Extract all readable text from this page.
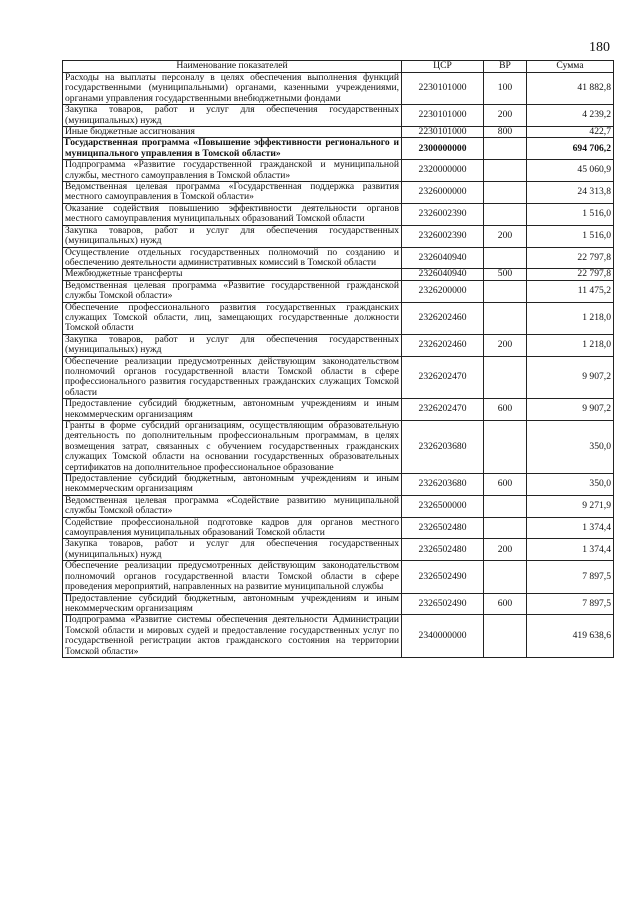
180
Наименование показателей	ЦСР	ВР	Сумма
Расходы на выплаты персоналу в целях обеспечения выполнения функций государственными (муниципальными) органами, казенными учреждениями, органами управления государственными внебюджетными фондами	2230101000	100	41 882,8
Закупка товаров, работ и услуг для обеспечения государственных (муниципальных) нужд	2230101000	200	4 239,2
Иные бюджетные ассигнования	2230101000	800	422,7
Государственная программа «Повышение эффективности регионального и муниципального управления в Томской области»	2300000000		694 706,2
Подпрограмма «Развитие государственной гражданской и муниципальной службы, местного самоуправления в Томской области»	2320000000		45 060,9
Ведомственная целевая программа «Государственная поддержка развития местного самоуправления в Томской области»	2326000000		24 313,8
Оказание содействия повышению эффективности деятельности органов местного самоуправления муниципальных образований Томской области	2326002390		1 516,0
Закупка товаров, работ и услуг для обеспечения государственных (муниципальных) нужд	2326002390	200	1 516,0
Осуществление отдельных государственных полномочий по созданию и обеспечению деятельности административных комиссий в Томской области	2326040940		22 797,8
Межбюджетные трансферты	2326040940	500	22 797,8
Ведомственная целевая программа «Развитие государственной гражданской службы Томской области»	2326200000		11 475,2
Обеспечение профессионального развития государственных гражданских служащих Томской области, лиц, замещающих государственные должности Томской области	2326202460		1 218,0
Закупка товаров, работ и услуг для обеспечения государственных (муниципальных) нужд	2326202460	200	1 218,0
Обеспечение реализации предусмотренных действующим законодательством полномочий органов государственной власти Томской области в сфере профессионального развития государственных гражданских служащих Томской области	2326202470		9 907,2
Предоставление субсидий бюджетным, автономным учреждениям и иным некоммерческим организациям	2326202470	600	9 907,2
Гранты в форме субсидий организациям, осуществляющим образовательную деятельность по дополнительным профессиональным программам, в целях возмещения затрат, связанных с обучением государственных гражданских служащих Томской области на основании государственных образовательных сертификатов на дополнительное профессиональное образование	2326203680		350,0
Предоставление субсидий бюджетным, автономным учреждениям и иным некоммерческим организациям	2326203680	600	350,0
Ведомственная целевая программа «Содействие развитию муниципальной службы Томской области»	2326500000		9 271,9
Содействие профессиональной подготовке кадров для органов местного самоуправления муниципальных образований Томской области	2326502480		1 374,4
Закупка товаров, работ и услуг для обеспечения государственных (муниципальных) нужд	2326502480	200	1 374,4
Обеспечение реализации предусмотренных действующим законодательством полномочий органов государственной власти Томской области в сфере проведения мероприятий, направленных на развитие муниципальной службы	2326502490		7 897,5
Предоставление субсидий бюджетным, автономным учреждениям и иным некоммерческим организациям	2326502490	600	7 897,5
Подпрограмма «Развитие системы обеспечения деятельности Администрации Томской области и мировых судей и предоставление государственных услуг по государственной регистрации актов гражданского состояния на территории Томской области»	2340000000		419 638,6
